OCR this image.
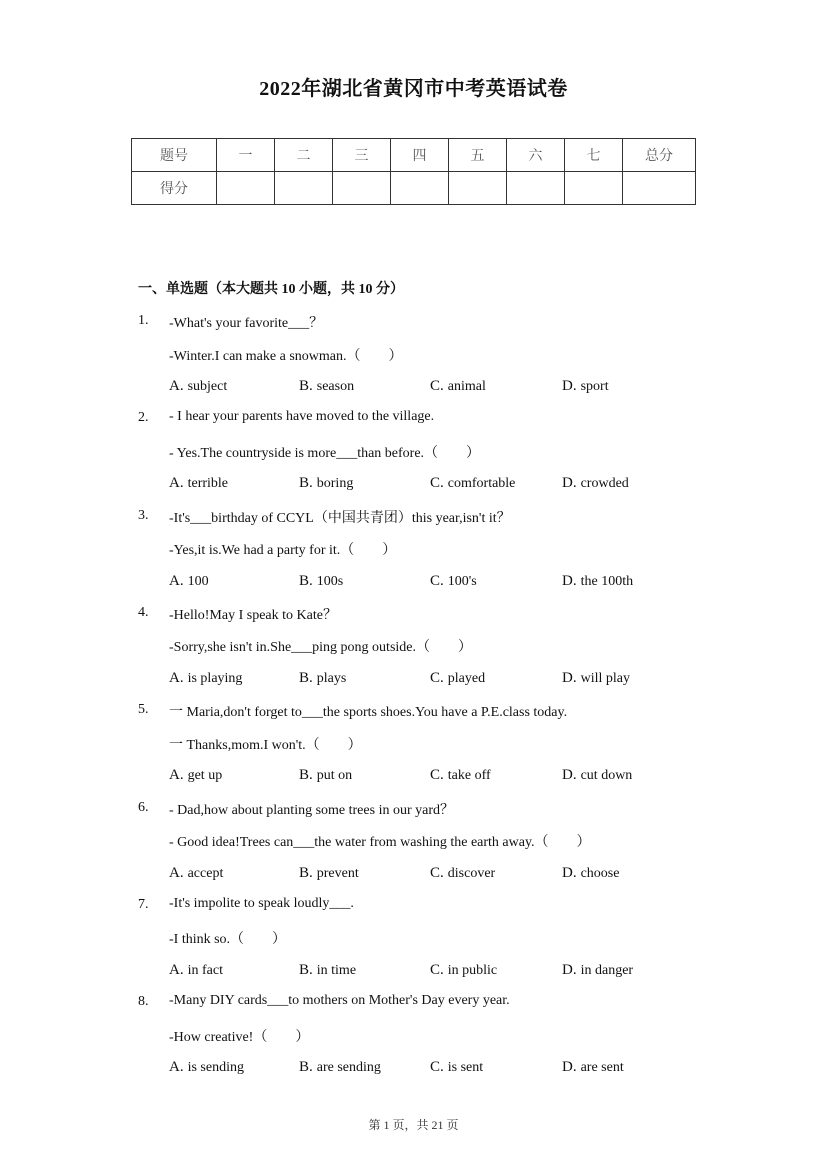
2022年湖北省黄冈市中考英语试卷
题号	一	二	三	四	五	六	七	总分
得分								
一、单选题（本大题共 10 小题，共 10 分）
1. -What's your favorite___？
-Winter.I can make a snowman.（　　）
A. subject	B. season	C. animal	D. sport
2. - I hear your parents have moved to the village.
- Yes.The countryside is more___than before.（　　）
A. terrible	B. boring	C. comfortable	D. crowded
3. -It's___birthday of CCYL（中国共青团）this year,isn't it？
-Yes,it is.We had a party for it.（　　）
A. 100	B. 100s	C. 100's	D. the 100th
4. -Hello!May I speak to Kate？
-Sorry,she isn't in.She___ping pong outside.（　　）
A. is playing	B. plays	C. played	D. will play
5. 一 Maria,don't forget to___the sports shoes.You have a P.E.class today.
一 Thanks,mom.I won't.（　　）
A. get up	B. put on	C. take off	D. cut down
6. - Dad,how about planting some trees in our yard？
- Good idea!Trees can___the water from washing the earth away.（　　）
A. accept	B. prevent	C. discover	D. choose
7. -It's impolite to speak loudly___.
-I think so.（　　）
A. in fact	B. in time	C. in public	D. in danger
8. -Many DIY cards___to mothers on Mother's Day every year.
-How creative!（　　）
A. is sending	B. are sending	C. is sent	D. are sent
第 1 页，共 21 页
